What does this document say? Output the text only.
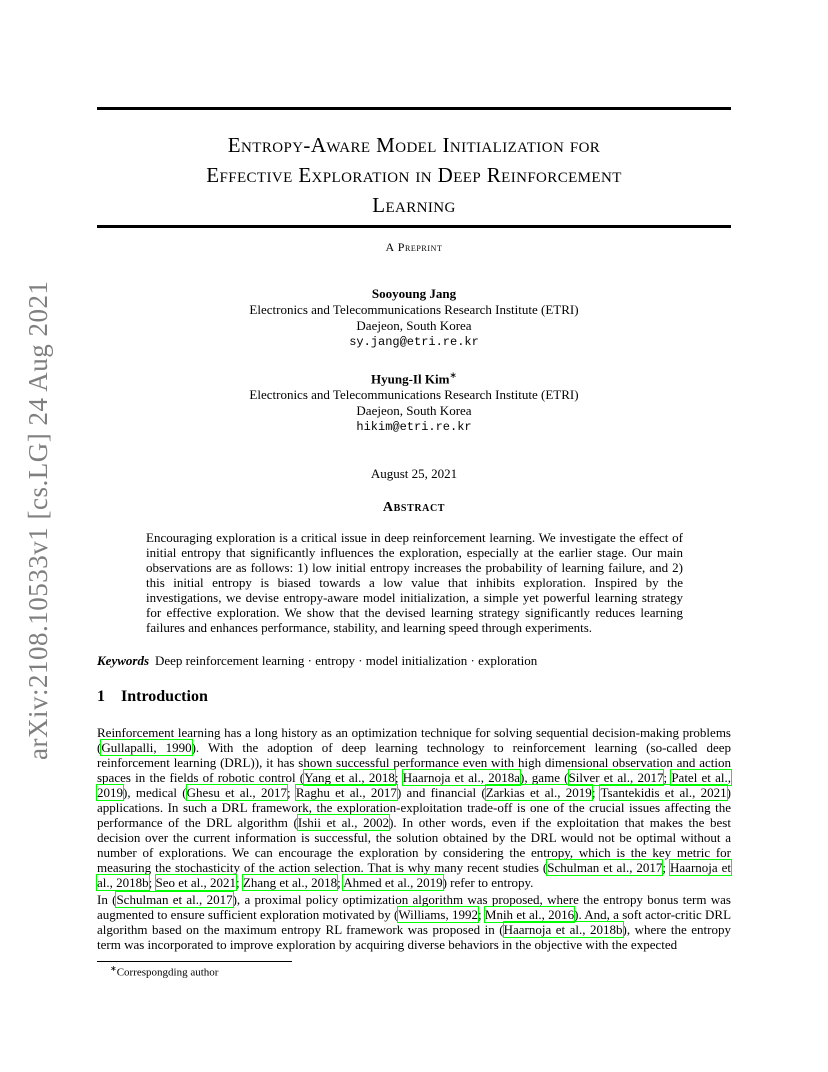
arXiv:2108.10533v1 [cs.LG] 24 Aug 2021
Entropy-Aware Model Initialization for
Effective Exploration in Deep Reinforcement
Learning
A Preprint
Sooyoung Jang
Electronics and Telecommunications Research Institute (ETRI)
Daejeon, South Korea
sy.jang@etri.re.kr
Hyung-Il Kim∗
Electronics and Telecommunications Research Institute (ETRI)
Daejeon, South Korea
hikim@etri.re.kr
August 25, 2021
Abstract
Encouraging exploration is a critical issue in deep reinforcement learning. We investigate the effect of initial entropy that significantly influences the exploration, especially at the earlier stage. Our main observations are as follows: 1) low initial entropy increases the probability of learning failure, and 2) this initial entropy is biased towards a low value that inhibits exploration. Inspired by the investigations, we devise entropy-aware model initialization, a simple yet powerful learning strategy for effective exploration. We show that the devised learning strategy significantly reduces learning failures and enhances performance, stability, and learning speed through experiments.
Keywords Deep reinforcement learning · entropy · model initialization · exploration
1 Introduction
Reinforcement learning has a long history as an optimization technique for solving sequential decision-making problems (Gullapalli, 1990). With the adoption of deep learning technology to reinforcement learning (so-called deep reinforcement learning (DRL)), it has shown successful performance even with high dimensional observation and action spaces in the fields of robotic control (Yang et al., 2018; Haarnoja et al., 2018a), game (Silver et al., 2017; Patel et al., 2019), medical (Ghesu et al., 2017; Raghu et al., 2017) and financial (Zarkias et al., 2019; Tsantekidis et al., 2021) applications. In such a DRL framework, the exploration-exploitation trade-off is one of the crucial issues affecting the performance of the DRL algorithm (Ishii et al., 2002). In other words, even if the exploitation that makes the best decision over the current information is successful, the solution obtained by the DRL would not be optimal without a number of explorations. We can encourage the exploration by considering the entropy, which is the key metric for measuring the stochasticity of the action selection. That is why many recent studies (Schulman et al., 2017; Haarnoja et al., 2018b; Seo et al., 2021; Zhang et al., 2018; Ahmed et al., 2019) refer to entropy.
In (Schulman et al., 2017), a proximal policy optimization algorithm was proposed, where the entropy bonus term was augmented to ensure sufficient exploration motivated by (Williams, 1992; Mnih et al., 2016). And, a soft actor-critic DRL algorithm based on the maximum entropy RL framework was proposed in (Haarnoja et al., 2018b), where the entropy term was incorporated to improve exploration by acquiring diverse behaviors in the objective with the expected
∗Correspongding author
